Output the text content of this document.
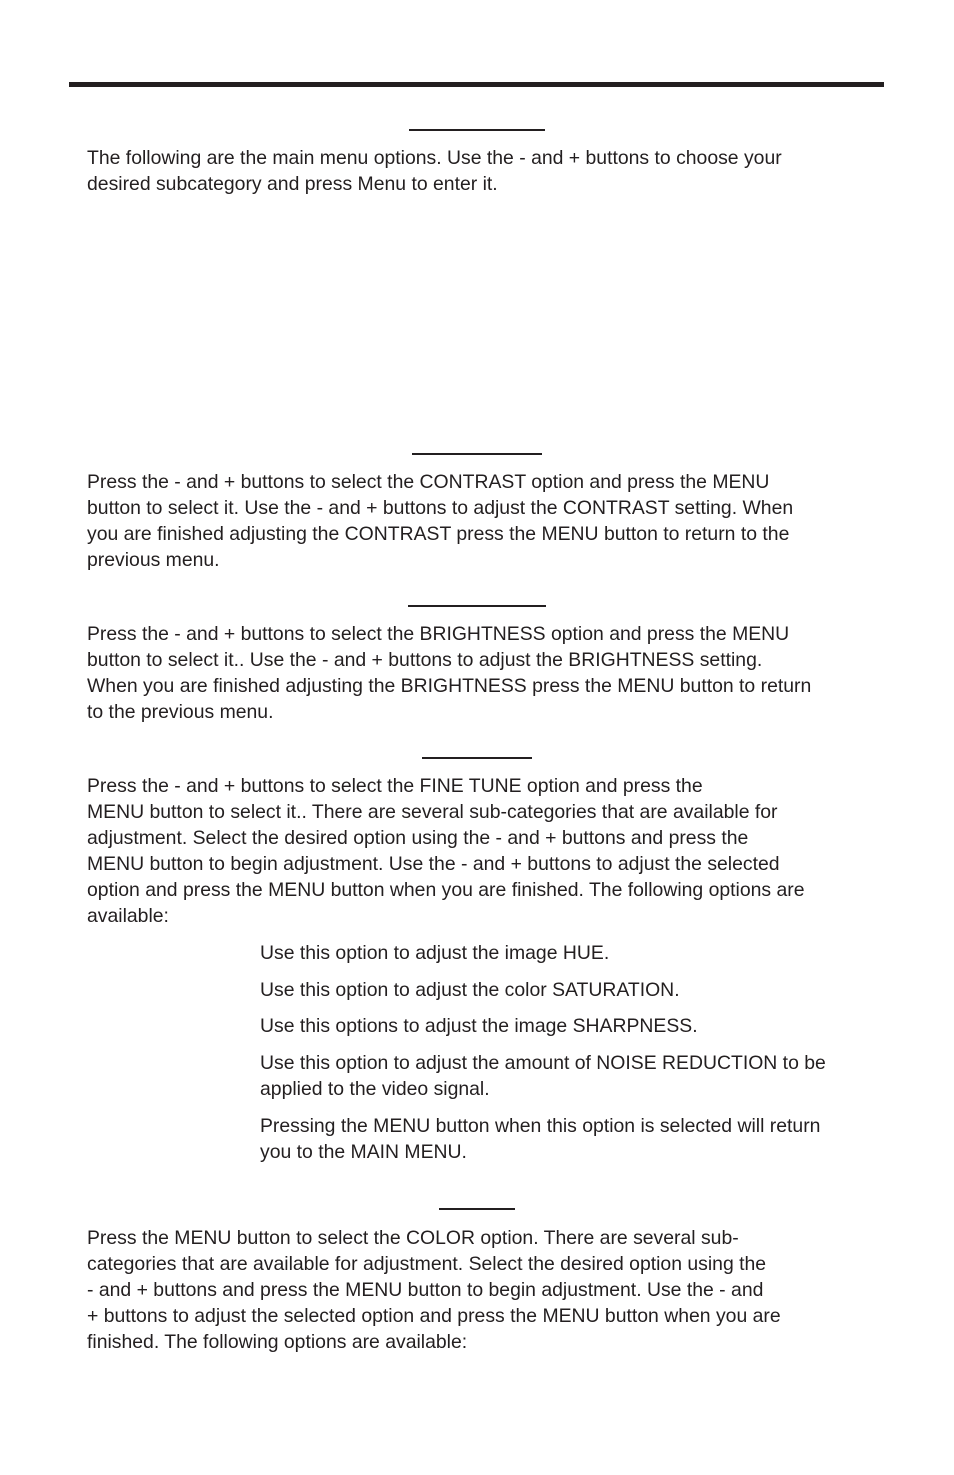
The following are the main menu options. Use the - and + buttons to choose your
desired subcategory and press Menu to enter it.

Press the - and + buttons to select the CONTRAST option and press the MENU
button to select it. Use the - and + buttons to adjust the CONTRAST setting. When
you are finished adjusting the CONTRAST press the MENU button to return to the
previous menu.

Press the - and + buttons to select the BRIGHTNESS option and press the MENU
button to select it.. Use the - and + buttons to adjust the BRIGHTNESS setting.
When you are finished adjusting the BRIGHTNESS press the MENU button to return
to the previous menu.

Press the - and + buttons to select the FINE TUNE option and press the
MENU button to select it.. There are several sub-categories that are available for
adjustment. Select the desired option using the - and + buttons and press the
MENU button to begin adjustment. Use the - and + buttons to adjust the selected
option and press the MENU button when you are finished. The following options are
available:

Use this option to adjust the image HUE.

Use this option to adjust the color SATURATION.

Use this options to adjust the image SHARPNESS.

Use this option to adjust the amount of NOISE REDUCTION to be
applied to the video signal.

Pressing the MENU button when this option is selected will return
you to the MAIN MENU.

Press the MENU button to select the COLOR option. There are several sub-
categories that are available for adjustment. Select the desired option using the
- and + buttons and press the MENU button to begin adjustment. Use the - and
+ buttons to adjust the selected option and press the MENU button when you are
finished. The following options are available:
